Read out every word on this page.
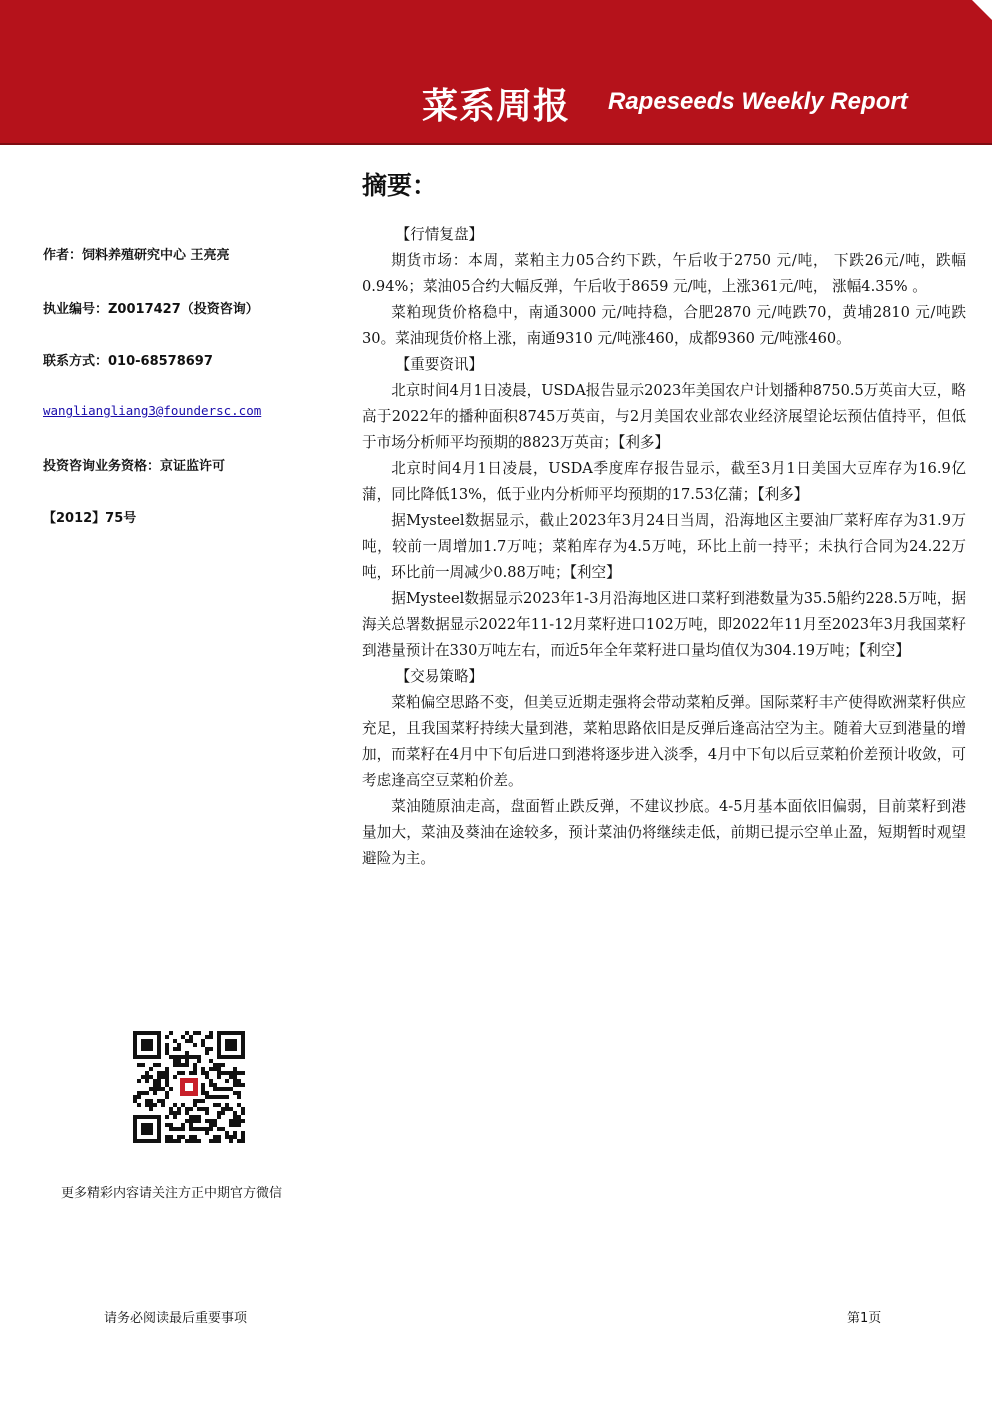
菜系周报 Rapeseeds Weekly Report
摘要：
作者：饲料养殖研究中心 王亮亮
执业编号：Z0017427（投资咨询）
联系方式：010-68578697
wangliangliang3@foundersc.com
投资咨询业务资格：京证监许可
【2012】75号

【行情复盘】

期货市场：本周，菜粕主力05合约下跌，午后收于2750 元/吨， 下跌26元/吨，跌幅0.94%；菜油05合约大幅反弹，午后收于8659 元/吨，上涨361元/吨， 涨幅4.35% 。

菜粕现货价格稳中，南通3000 元/吨持稳，合肥2870 元/吨跌70，黄埔2810 元/吨跌30。菜油现货价格上涨，南通9310 元/吨涨460，成都9360 元/吨涨460。

【重要资讯】

北京时间4月1日凌晨，USDA报告显示2023年美国农户计划播种8750.5万英亩大豆，略高于2022年的播种面积8745万英亩，与2月美国农业部农业经济展望论坛预估值持平，但低于市场分析师平均预期的8823万英亩；【利多】

北京时间4月1日凌晨，USDA季度库存报告显示，截至3月1日美国大豆库存为16.9亿蒲，同比降低13%，低于业内分析师平均预期的17.53亿蒲；【利多】

据Mysteel数据显示，截止2023年3月24日当周，沿海地区主要油厂菜籽库存为31.9万吨，较前一周增加1.7万吨；菜粕库存为4.5万吨，环比上前一持平；未执行合同为24.22万吨，环比前一周减少0.88万吨；【利空】

据Mysteel数据显示2023年1-3月沿海地区进口菜籽到港数量为35.5船约228.5万吨，据海关总署数据显示2022年11-12月菜籽进口102万吨，即2022年11月至2023年3月我国菜籽到港量预计在330万吨左右，而近5年全年菜籽进口量均值仅为304.19万吨；【利空】

【交易策略】

菜粕偏空思路不变，但美豆近期走强将会带动菜粕反弹。国际菜籽丰产使得欧洲菜籽供应充足，且我国菜籽持续大量到港，菜粕思路依旧是反弹后逢高沽空为主。随着大豆到港量的增加，而菜籽在4月中下旬后进口到港将逐步进入淡季，4月中下旬以后豆菜粕价差预计收敛，可考虑逢高空豆菜粕价差。

菜油随原油走高，盘面暂止跌反弹，不建议抄底。4-5月基本面依旧偏弱，目前菜籽到港量加大，菜油及葵油在途较多，预计菜油仍将继续走低，前期已提示空单止盈，短期暂时观望避险为主。

更多精彩内容请关注方正中期官方微信
请务必阅读最后重要事项	第1页
